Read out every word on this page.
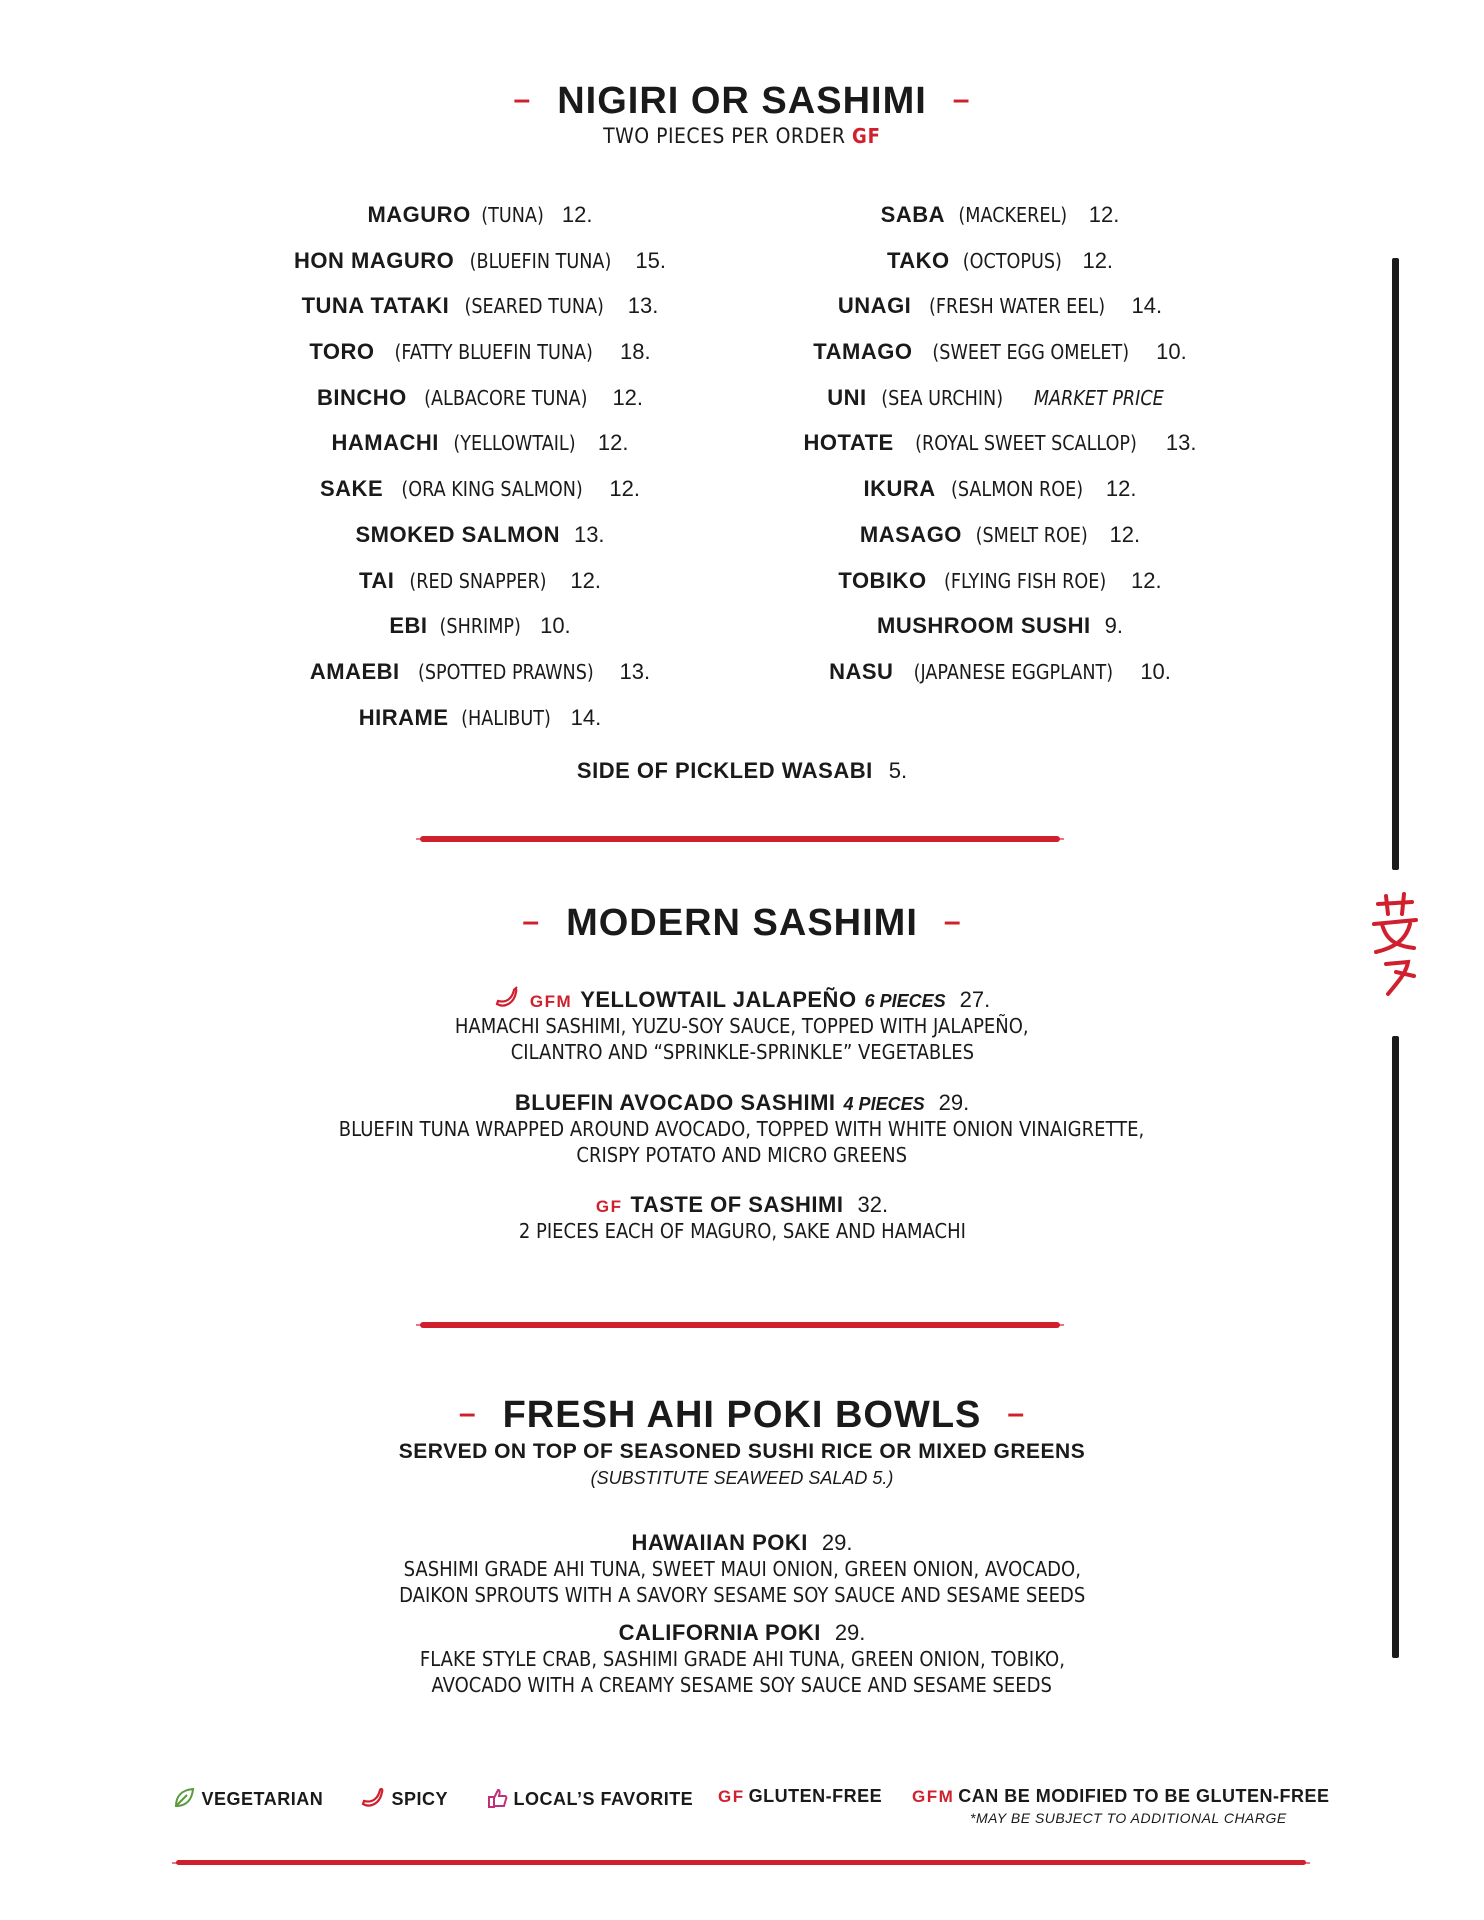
– NIGIRI OR SASHIMI –
TWO PIECES PER ORDER GF
MAGURO (TUNA) 12.
HON MAGURO (BLUEFIN TUNA) 15.
TUNA TATAKI (SEARED TUNA) 13.
TORO (FATTY BLUEFIN TUNA) 18.
BINCHO (ALBACORE TUNA) 12.
HAMACHI (YELLOWTAIL) 12.
SAKE (ORA KING SALMON) 12.
SMOKED SALMON 13.
TAI (RED SNAPPER) 12.
EBI (SHRIMP) 10.
AMAEBI (SPOTTED PRAWNS) 13.
HIRAME (HALIBUT) 14.
SABA (MACKEREL) 12.
TAKO (OCTOPUS) 12.
UNAGI (FRESH WATER EEL) 14.
TAMAGO (SWEET EGG OMELET) 10.
UNI (SEA URCHIN) MARKET PRICE
HOTATE (ROYAL SWEET SCALLOP) 13.
IKURA (SALMON ROE) 12.
MASAGO (SMELT ROE) 12.
TOBIKO (FLYING FISH ROE) 12.
MUSHROOM SUSHI 9.
NASU (JAPANESE EGGPLANT) 10.
SIDE OF PICKLED WASABI 5.
– MODERN SASHIMI –
GFM YELLOWTAIL JALAPEÑO 6 PIECES 27.
HAMACHI SASHIMI, YUZU-SOY SAUCE, TOPPED WITH JALAPEÑO,
CILANTRO AND “SPRINKLE-SPRINKLE” VEGETABLES
BLUEFIN AVOCADO SASHIMI 4 PIECES 29.
BLUEFIN TUNA WRAPPED AROUND AVOCADO, TOPPED WITH WHITE ONION VINAIGRETTE,
CRISPY POTATO AND MICRO GREENS
GF TASTE OF SASHIMI 32.
2 PIECES EACH OF MAGURO, SAKE AND HAMACHI
– FRESH AHI POKI BOWLS –
SERVED ON TOP OF SEASONED SUSHI RICE OR MIXED GREENS
(SUBSTITUTE SEAWEED SALAD 5.)
HAWAIIAN POKI 29.
SASHIMI GRADE AHI TUNA, SWEET MAUI ONION, GREEN ONION, AVOCADO,
DAIKON SPROUTS WITH A SAVORY SESAME SOY SAUCE AND SESAME SEEDS
CALIFORNIA POKI 29.
FLAKE STYLE CRAB, SASHIMI GRADE AHI TUNA, GREEN ONION, TOBIKO,
AVOCADO WITH A CREAMY SESAME SOY SAUCE AND SESAME SEEDS
VEGETARIAN	SPICY	LOCAL’S FAVORITE GF GLUTEN-FREE GFM CAN BE MODIFIED TO BE GLUTEN-FREE
*MAY BE SUBJECT TO ADDITIONAL CHARGE
